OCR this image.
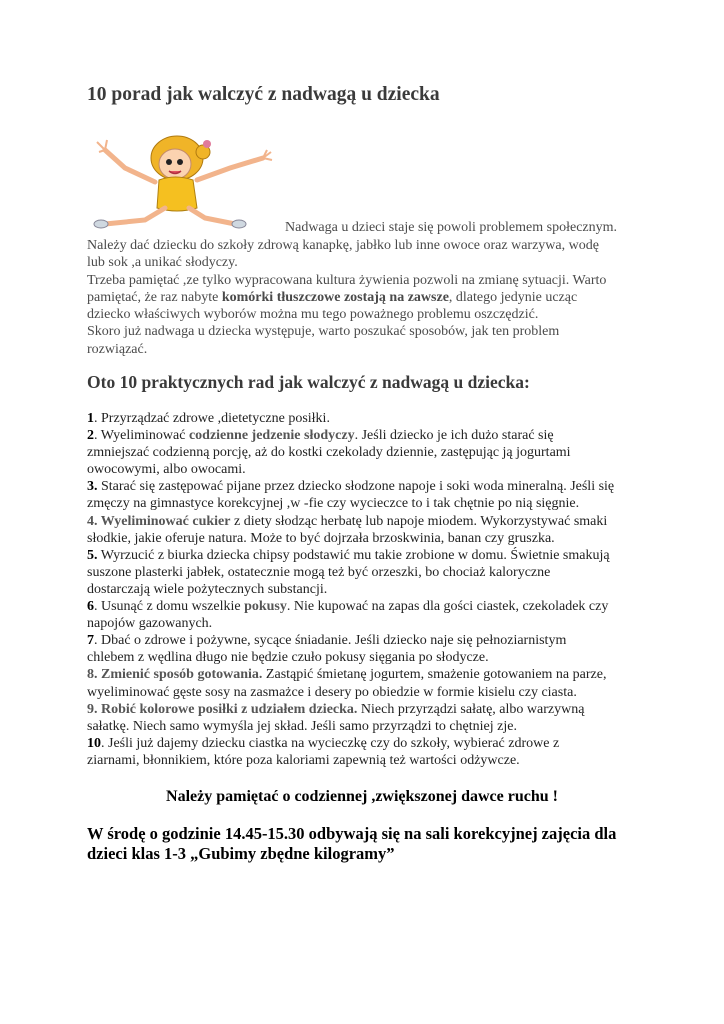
10 porad jak walczyć z nadwagą u dziecka

Nadwaga u dzieci staje się powoli problemem społecznym.

Należy dać dziecku do szkoły zdrową kanapkę, jabłko lub inne owoce oraz warzywa, wodę
lub sok ,a unikać słodyczy.
Trzeba pamiętać ,ze tylko wypracowana kultura żywienia pozwoli na zmianę sytuacji. Warto
pamiętać, że raz nabyte komórki tłuszczowe zostają na zawsze, dlatego jedynie ucząc
dziecko właściwych wyborów można mu tego poważnego problemu oszczędzić.
Skoro już nadwaga u dziecka występuje, warto poszukać sposobów, jak ten problem
rozwiązać.
Oto 10 praktycznych rad jak walczyć z nadwagą u dziecka:

1. Przyrządzać zdrowe ,dietetyczne posiłki.

2. Wyeliminować codzienne jedzenie słodyczy. Jeśli dziecko je ich dużo starać się

zmniejszać codzienną porcję, aż do kostki czekolady dziennie, zastępując ją jogurtami

owocowymi, albo owocami.

3. Starać się zastępować pijane przez dziecko słodzone napoje i soki woda mineralną. Jeśli się

zmęczy na gimnastyce korekcyjnej ,w -fie czy wycieczce to i tak chętnie po nią sięgnie.

4. Wyeliminować cukier z diety słodząc herbatę lub napoje miodem. Wykorzystywać smaki

słodkie, jakie oferuje natura. Może to być dojrzała brzoskwinia, banan czy gruszka.

5. Wyrzucić z biurka dziecka chipsy podstawić mu takie zrobione w domu. Świetnie smakują

suszone plasterki jabłek, ostatecznie mogą też być orzeszki, bo chociaż kaloryczne

dostarczają wiele pożytecznych substancji.

6. Usunąć z domu wszelkie pokusy. Nie kupować na zapas dla gości ciastek, czekoladek czy

napojów gazowanych.

7. Dbać o zdrowe i pożywne, sycące śniadanie. Jeśli dziecko naje się pełnoziarnistym

chlebem z wędlina długo nie będzie czuło pokusy sięgania po słodycze.

8. Zmienić sposób gotowania. Zastąpić śmietanę jogurtem, smażenie gotowaniem na parze,

wyeliminować gęste sosy na zasmażce i desery po obiedzie w formie kisielu czy ciasta.

9. Robić kolorowe posiłki z udziałem dziecka. Niech przyrządzi sałatę, albo warzywną

sałatkę. Niech samo wymyśla jej skład. Jeśli samo przyrządzi to chętniej zje.

10. Jeśli już dajemy dziecku ciastka na wycieczkę czy do szkoły, wybierać zdrowe z

ziarnami, błonnikiem, które poza kaloriami zapewnią też wartości odżywcze.

Należy pamiętać o codziennej ,zwiększonej dawce ruchu !

W środę o godzinie 14.45-15.30 odbywają się na sali korekcyjnej zajęcia dla
dzieci klas 1-3 „Gubimy zbędne kilogramy”
